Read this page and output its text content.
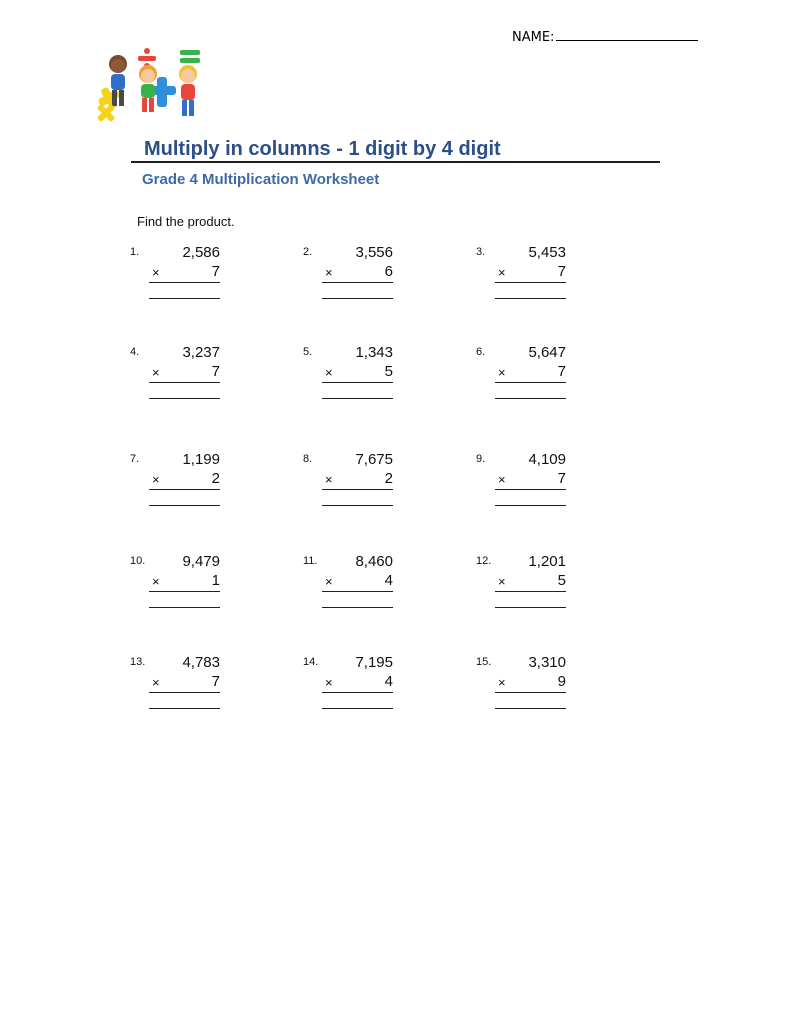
NAME:
Multiply in columns - 1 digit by 4 digit
Grade 4 Multiplication Worksheet

Find the product.

1.	2,586
×	7
2.	3,556
×	6
3.	5,453
×	7
4.	3,237
×	7
5.	1,343
×	5
6.	5,647
×	7
7.	1,199
×	2
8.	7,675
×	2
9.	4,109
×	7
10. 9,479
×	1
11.	8,460
×	4
12. 1,201
×	5
13. 4,783
×	7
14. 7,195
×	4
15. 3,310
×	9
